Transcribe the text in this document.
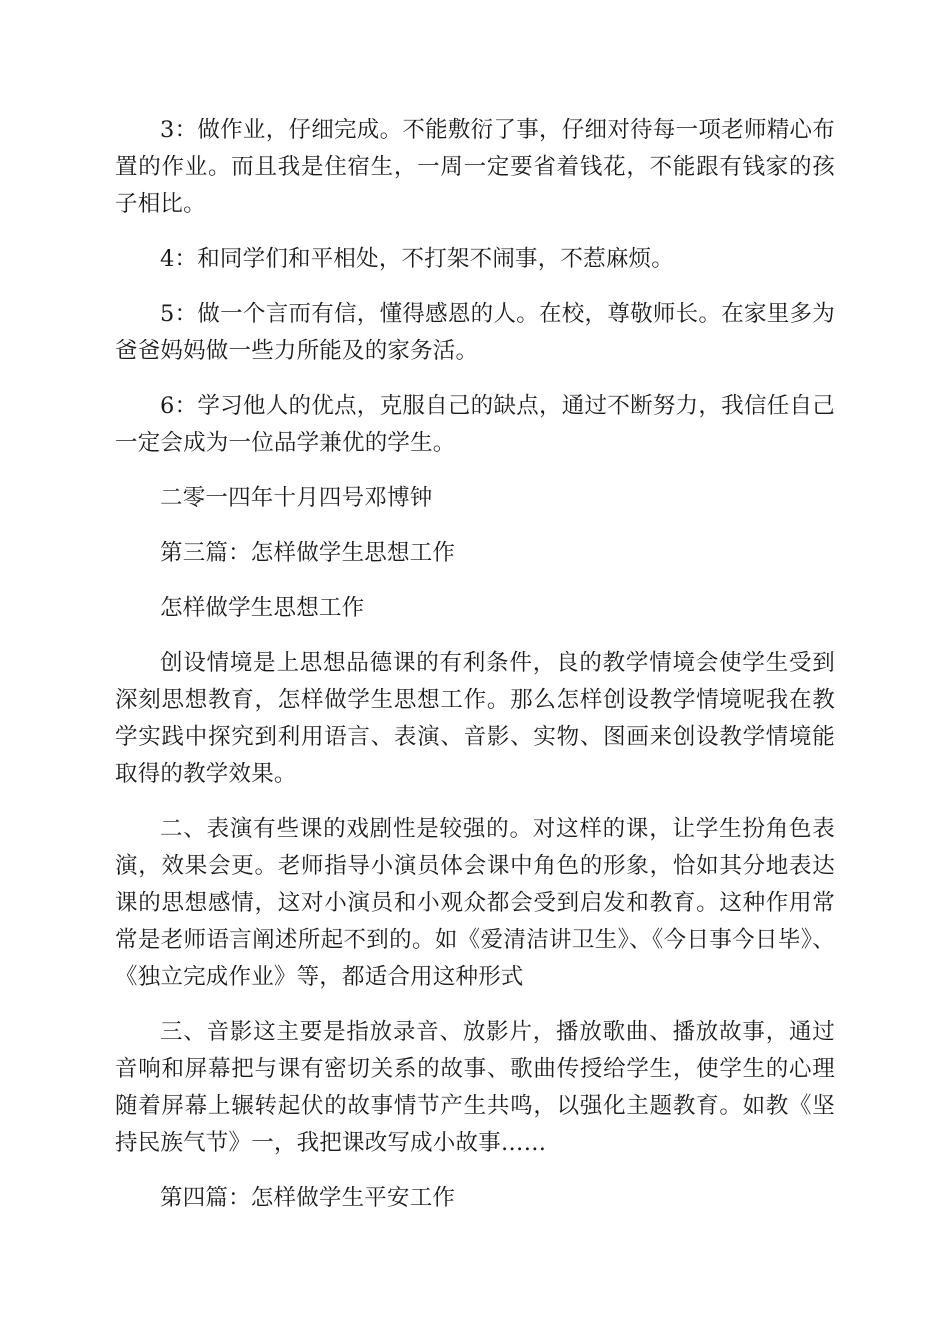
3：做作业，仔细完成。不能敷衍了事，仔细对待每一项老师精心布置的作业。而且我是住宿生，一周一定要省着钱花，不能跟有钱家的孩子相比。

4：和同学们和平相处，不打架不闹事，不惹麻烦。

5：做一个言而有信，懂得感恩的人。在校，尊敬师长。在家里多为爸爸妈妈做一些力所能及的家务活。

6：学习他人的优点，克服自己的缺点，通过不断努力，我信任自己一定会成为一位品学兼优的学生。

二零一四年十月四号邓博钟

第三篇：怎样做学生思想工作

怎样做学生思想工作

创设情境是上思想品德课的有利条件，良的教学情境会使学生受到深刻思想教育，怎样做学生思想工作。那么怎样创设教学情境呢我在教学实践中探究到利用语言、表演、音影、实物、图画来创设教学情境能取得的教学效果。

二、表演有些课的戏剧性是较强的。对这样的课，让学生扮角色表演，效果会更。老师指导小演员体会课中角色的形象，恰如其分地表达课的思想感情，这对小演员和小观众都会受到启发和教育。这种作用常常是老师语言阐述所起不到的。如《爱清洁讲卫生》、《今日事今日毕》、《独立完成作业》等，都适合用这种形式

三、音影这主要是指放录音、放影片，播放歌曲、播放故事，通过音响和屏幕把与课有密切关系的故事、歌曲传授给学生，使学生的心理随着屏幕上辗转起伏的故事情节产生共鸣，以强化主题教育。如教《坚持民族气节》一，我把课改写成小故事……

第四篇：怎样做学生平安工作
